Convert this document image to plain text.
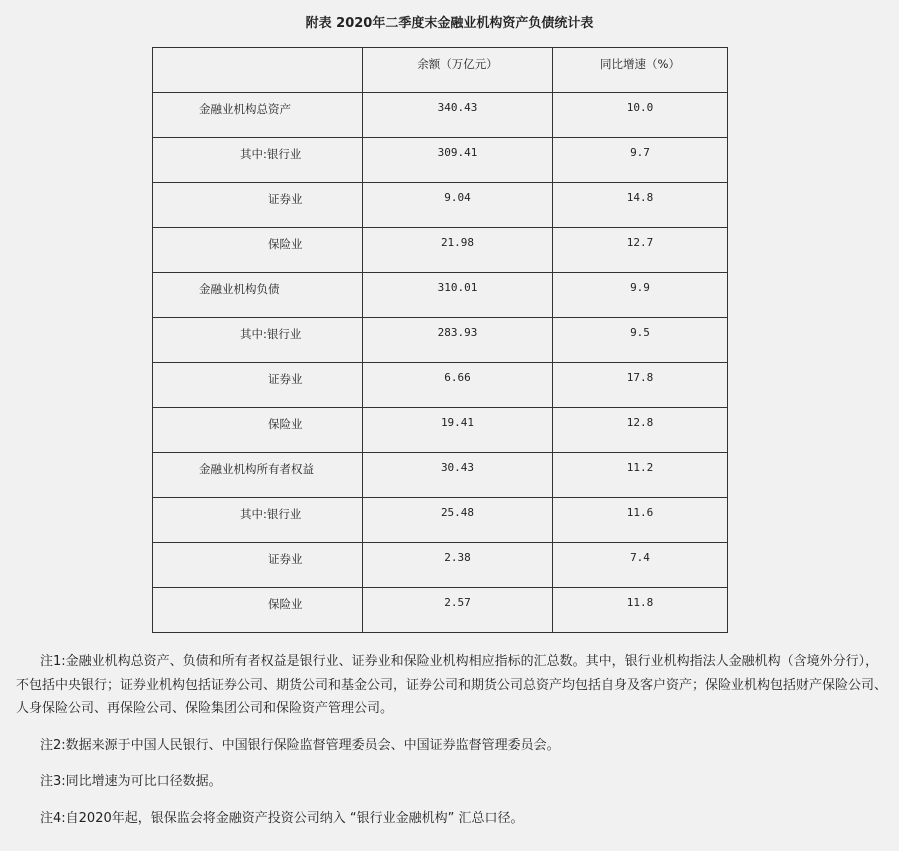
附表 2020年二季度末金融业机构资产负债统计表
	余额（万亿元）	同比增速（%）
金融业机构总资产	340.43	10.0
其中:银行业	309.41	9.7
证券业	9.04	14.8
保险业	21.98	12.7
金融业机构负债	310.01	9.9
其中:银行业	283.93	9.5
证券业	6.66	17.8
保险业	19.41	12.8
金融业机构所有者权益	30.43	11.2
其中:银行业	25.48	11.6
证券业	2.38	7.4
保险业	2.57	11.8

注1:金融业机构总资产、负债和所有者权益是银行业、证券业和保险业机构相应指标的汇总数。其中，银行业机构指法人金融机构（含境外分行），不包括中央银行；证券业机构包括证券公司、期货公司和基金公司，证券公司和期货公司总资产均包括自身及客户资产；保险业机构包括财产保险公司、人身保险公司、再保险公司、保险集团公司和保险资产管理公司。

注2:数据来源于中国人民银行、中国银行保险监督管理委员会、中国证券监督管理委员会。

注3:同比增速为可比口径数据。

注4:自2020年起，银保监会将金融资产投资公司纳入 “银行业金融机构” 汇总口径。
